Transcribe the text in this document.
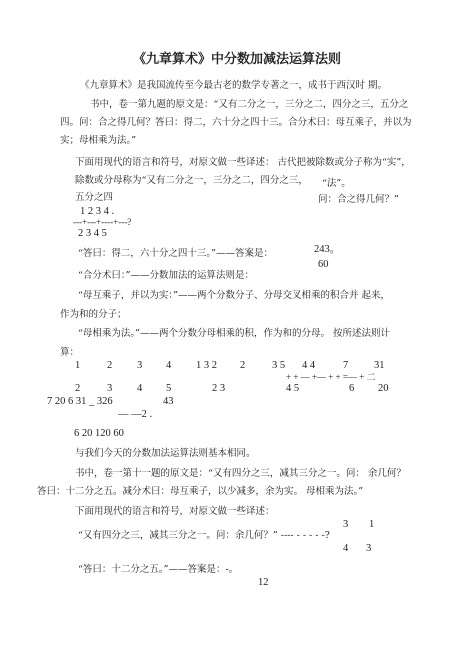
《九章算术》中分数加减法运算法则
《九章算术》是我国流传至今最古老的数学专著之一，成书于西汉时 期。
书中，卷一第九题的原文是：“又有二分之一，三分之二，四分之三，五分之
四。问：合之得几何？答曰：得二，六十分之四十三。合分术曰：母互乘子，并以为
实；母相乘为法。”
下面用现代的语言和符号，对原文做一些译述： 古代把被除数或分子称为“实”，
除数或分母称为“又有二分之一，三分之二，四分之三， “法”。
五分之四	问：合之得几何？”
1 2 3 4 .
---+---+----+---?
2 3 4 5
“答曰：得二，六十分之四十三。”——答案是：	243。
60
“合分术曰：”——分数加法的运算法则是：
“母互乘子，并以为实：”——两个分数分子、分母交叉相乘的积合并 起来，
作为和的分子；
“母相乘为法。”——两个分数分母相乘的积，作为和的分母。 按所述法则计
算：
1	2 3 4 1 3 2 2	3 5 4 4	7 31
+ + — +— + + =— + 二
2	3 4 5	2 3	4 5	6 20
7 20 6 31 _ 326	43
— —2 .
6 20 120 60
与我们今天的分数加法运算法则基本相同。
书中，卷一第十一题的原文是：“又有四分之三，减其三分之一。问： 余几何？
答曰：十二分之五。减分术曰：母互乘子，以少减多，余为实。 母相乘为法。”
下面用现代的语言和符号，对原文做一些译述：
3 1
“又有四分之三，减其三分之一。问：余几何？” ---- - - - - -?
4 3
“答曰：十二分之五。”——答案是：-。
12
